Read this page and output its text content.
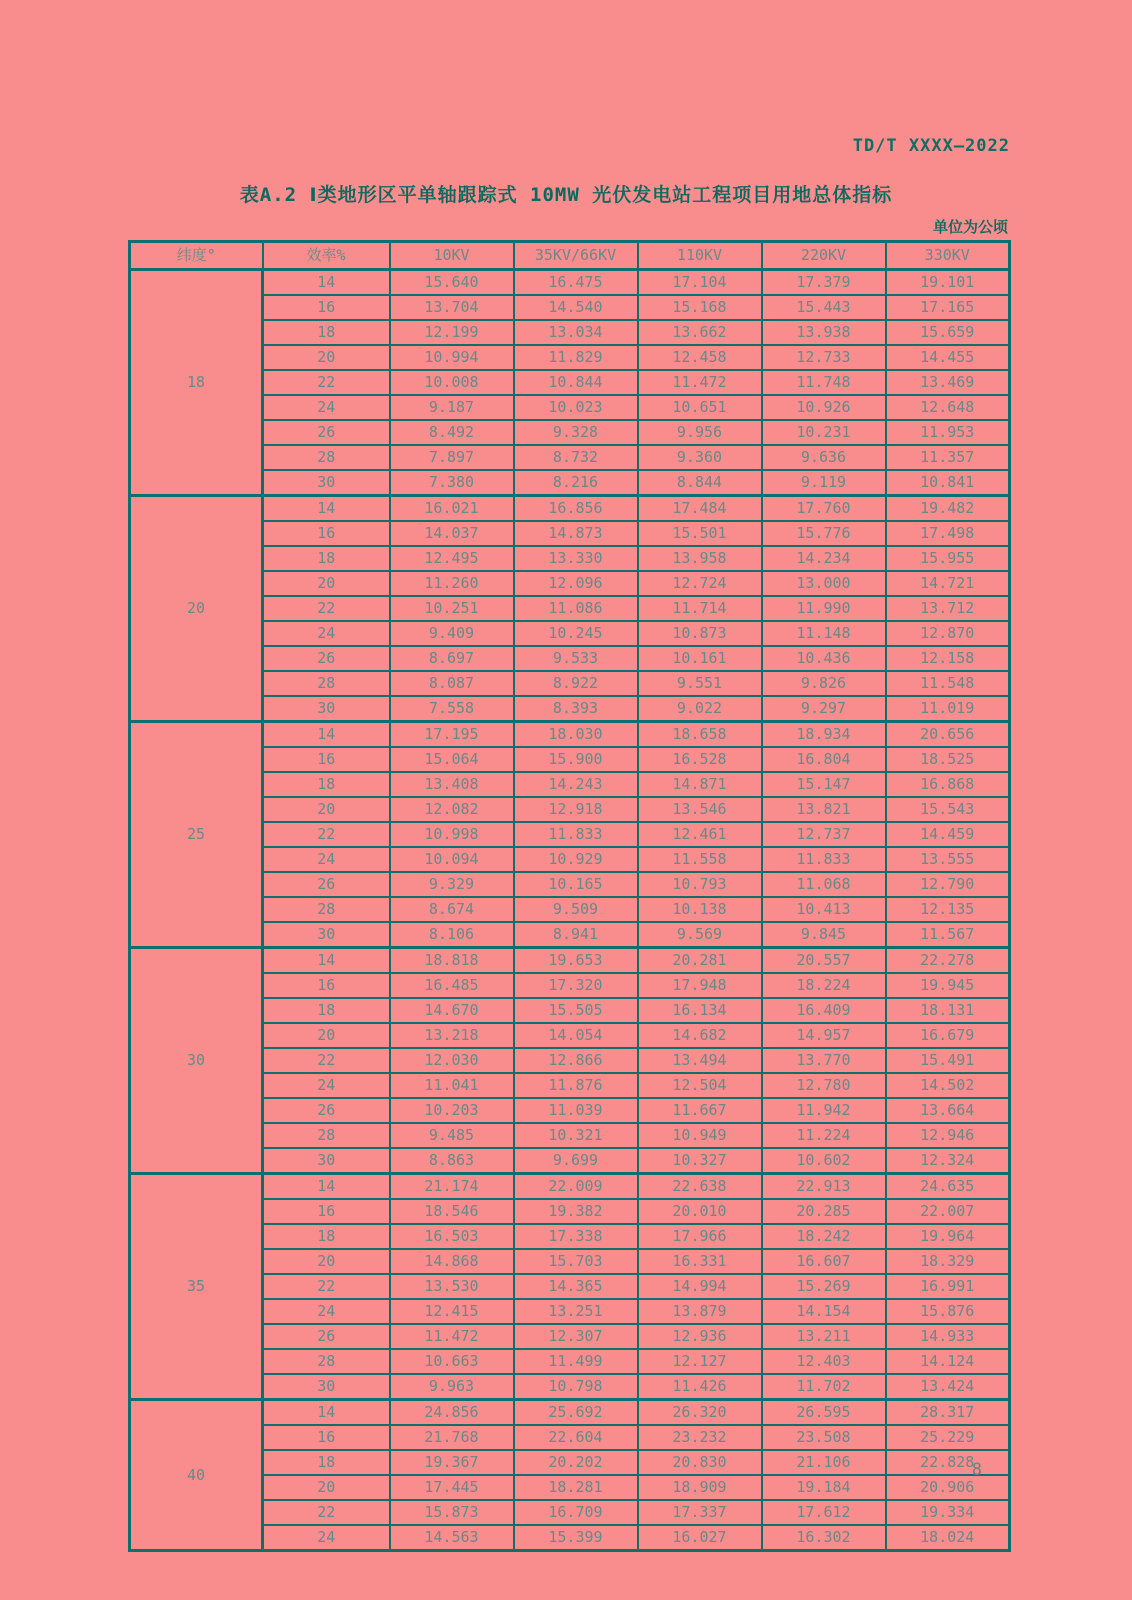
TD/T XXXX—2022
表A.2 Ⅰ类地形区平单轴跟踪式 10MW 光伏发电站工程项目用地总体指标
单位为公顷
纬度°	效率%	10KV	35KV/66KV	110KV	220KV	330KV
18	14	15.640	16.475	17.104	17.379	19.101
	16	13.704	14.540	15.168	15.443	17.165
	18	12.199	13.034	13.662	13.938	15.659
	20	10.994	11.829	12.458	12.733	14.455
	22	10.008	10.844	11.472	11.748	13.469
	24	9.187	10.023	10.651	10.926	12.648
	26	8.492	9.328	9.956	10.231	11.953
	28	7.897	8.732	9.360	9.636	11.357
	30	7.380	8.216	8.844	9.119	10.841
20	14	16.021	16.856	17.484	17.760	19.482
	16	14.037	14.873	15.501	15.776	17.498
	18	12.495	13.330	13.958	14.234	15.955
	20	11.260	12.096	12.724	13.000	14.721
	22	10.251	11.086	11.714	11.990	13.712
	24	9.409	10.245	10.873	11.148	12.870
	26	8.697	9.533	10.161	10.436	12.158
	28	8.087	8.922	9.551	9.826	11.548
	30	7.558	8.393	9.022	9.297	11.019
25	14	17.195	18.030	18.658	18.934	20.656
	16	15.064	15.900	16.528	16.804	18.525
	18	13.408	14.243	14.871	15.147	16.868
	20	12.082	12.918	13.546	13.821	15.543
	22	10.998	11.833	12.461	12.737	14.459
	24	10.094	10.929	11.558	11.833	13.555
	26	9.329	10.165	10.793	11.068	12.790
	28	8.674	9.509	10.138	10.413	12.135
	30	8.106	8.941	9.569	9.845	11.567
30	14	18.818	19.653	20.281	20.557	22.278
	16	16.485	17.320	17.948	18.224	19.945
	18	14.670	15.505	16.134	16.409	18.131
	20	13.218	14.054	14.682	14.957	16.679
	22	12.030	12.866	13.494	13.770	15.491
	24	11.041	11.876	12.504	12.780	14.502
	26	10.203	11.039	11.667	11.942	13.664
	28	9.485	10.321	10.949	11.224	12.946
	30	8.863	9.699	10.327	10.602	12.324
35	14	21.174	22.009	22.638	22.913	24.635
	16	18.546	19.382	20.010	20.285	22.007
	18	16.503	17.338	17.966	18.242	19.964
	20	14.868	15.703	16.331	16.607	18.329
	22	13.530	14.365	14.994	15.269	16.991
	24	12.415	13.251	13.879	14.154	15.876
	26	11.472	12.307	12.936	13.211	14.933
	28	10.663	11.499	12.127	12.403	14.124
	30	9.963	10.798	11.426	11.702	13.424
40	14	24.856	25.692	26.320	26.595	28.317
	16	21.768	22.604	23.232	23.508	25.229
	18	19.367	20.202	20.830	21.106	22.828
	20	17.445	18.281	18.909	19.184	20.906
	22	15.873	16.709	17.337	17.612	19.334
	24	14.563	15.399	16.027	16.302	18.024
8
